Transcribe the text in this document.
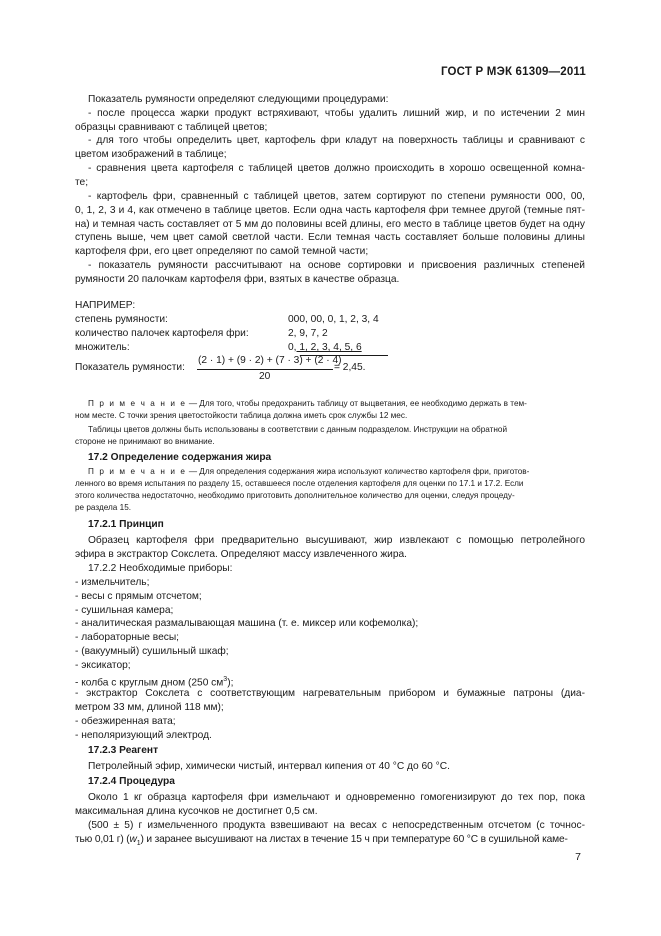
ГОСТ Р МЭК 61309—2011
Показатель румяности определяют следующими процедурами:
- после процесса жарки продукт встряхивают, чтобы удалить лишний жир, и по истечении 2 мин
образцы сравнивают с таблицей цветов;
- для того чтобы определить цвет, картофель фри кладут на поверхность таблицы и сравнивают с
цветом изображений в таблице;
- сравнения цвета картофеля с таблицей цветов должно происходить в хорошо освещенной комна-
те;
- картофель фри, сравненный с таблицей цветов, затем сортируют по степени румяности 000, 00,
0, 1, 2, 3 и 4, как отмечено в таблице цветов. Если одна часть картофеля фри темнее другой (темные пят-
на) и темная часть составляет от 5 мм до половины всей длины, его место в таблице цветов будет на одну
ступень выше, чем цвет самой светлой части. Если темная часть составляет больше половины длины
картофеля фри, его цвет определяют по самой темной части;
- показатель румяности рассчитывают на основе сортировки и присвоения различных степеней
румяности 20 палочкам картофеля фри, взятых в качестве образца.
НАПРИМЕР:
степень румяности:	000, 00, 0, 1, 2, 3, 4
количество палочек картофеля фри:	2, 9, 7, 2
множитель:	0, 1, 2, 3, 4, 5, 6
Показатель румяности:
(2 · 1) + (9 · 2) + (7 · 3) + (2 · 4)
20
= 2,45.
П р и м е ч а н и е — Для того, чтобы предохранить таблицу от выцветания, ее необходимо держать в тем-
ном месте. С точки зрения цветостойкости таблица должна иметь срок службы 12 мес.
Таблицы цветов должны быть использованы в соответствии с данным подразделом. Инструкции на обратной
стороне не принимают во внимание.
17.2 Определение содержания жира
П р и м е ч а н и е — Для определения содержания жира используют количество картофеля фри, приготов-
ленного во время испытания по разделу 15, оставшееся после отделения картофеля для оценки по 17.1 и 17.2. Если
этого количества недостаточно, необходимо приготовить дополнительное количество для оценки, следуя процеду-
ре раздела 15.
17.2.1 Принцип
Образец картофеля фри предварительно высушивают, жир извлекают с помощью петролейного
эфира в экстрактор Сокслета. Определяют массу извлеченного жира.
17.2.2 Необходимые приборы:
- измельчитель;
- весы с прямым отсчетом;
- сушильная камера;
- аналитическая размалывающая машина (т. е. миксер или кофемолка);
- лабораторные весы;
- (вакуумный) сушильный шкаф;
- эксикатор;
- колба с круглым дном (250 $см^3$);
- экстрактор Сокслета с соответствующим нагревательным прибором и бумажные патроны (диа-
метром 33 мм, длиной 118 мм);
- обезжиренная вата;
- неполяризующий электрод.
17.2.3 Реагент
Петролейный эфир, химически чистый, интервал кипения от 40 °С до 60 °С.
17.2.4 Процедура
Около 1 кг образца картофеля фри измельчают и одновременно гомогенизируют до тех пор, пока
максимальная длина кусочков не достигнет 0,5 см.
(500 ± 5) г измельченного продукта взвешивают на весах с непосредственным отсчетом (с точнос-
тью 0,01 г) $(w_1)$ и заранее высушивают на листах в течение 15 ч при температуре 60 °С в сушильной каме-
7
